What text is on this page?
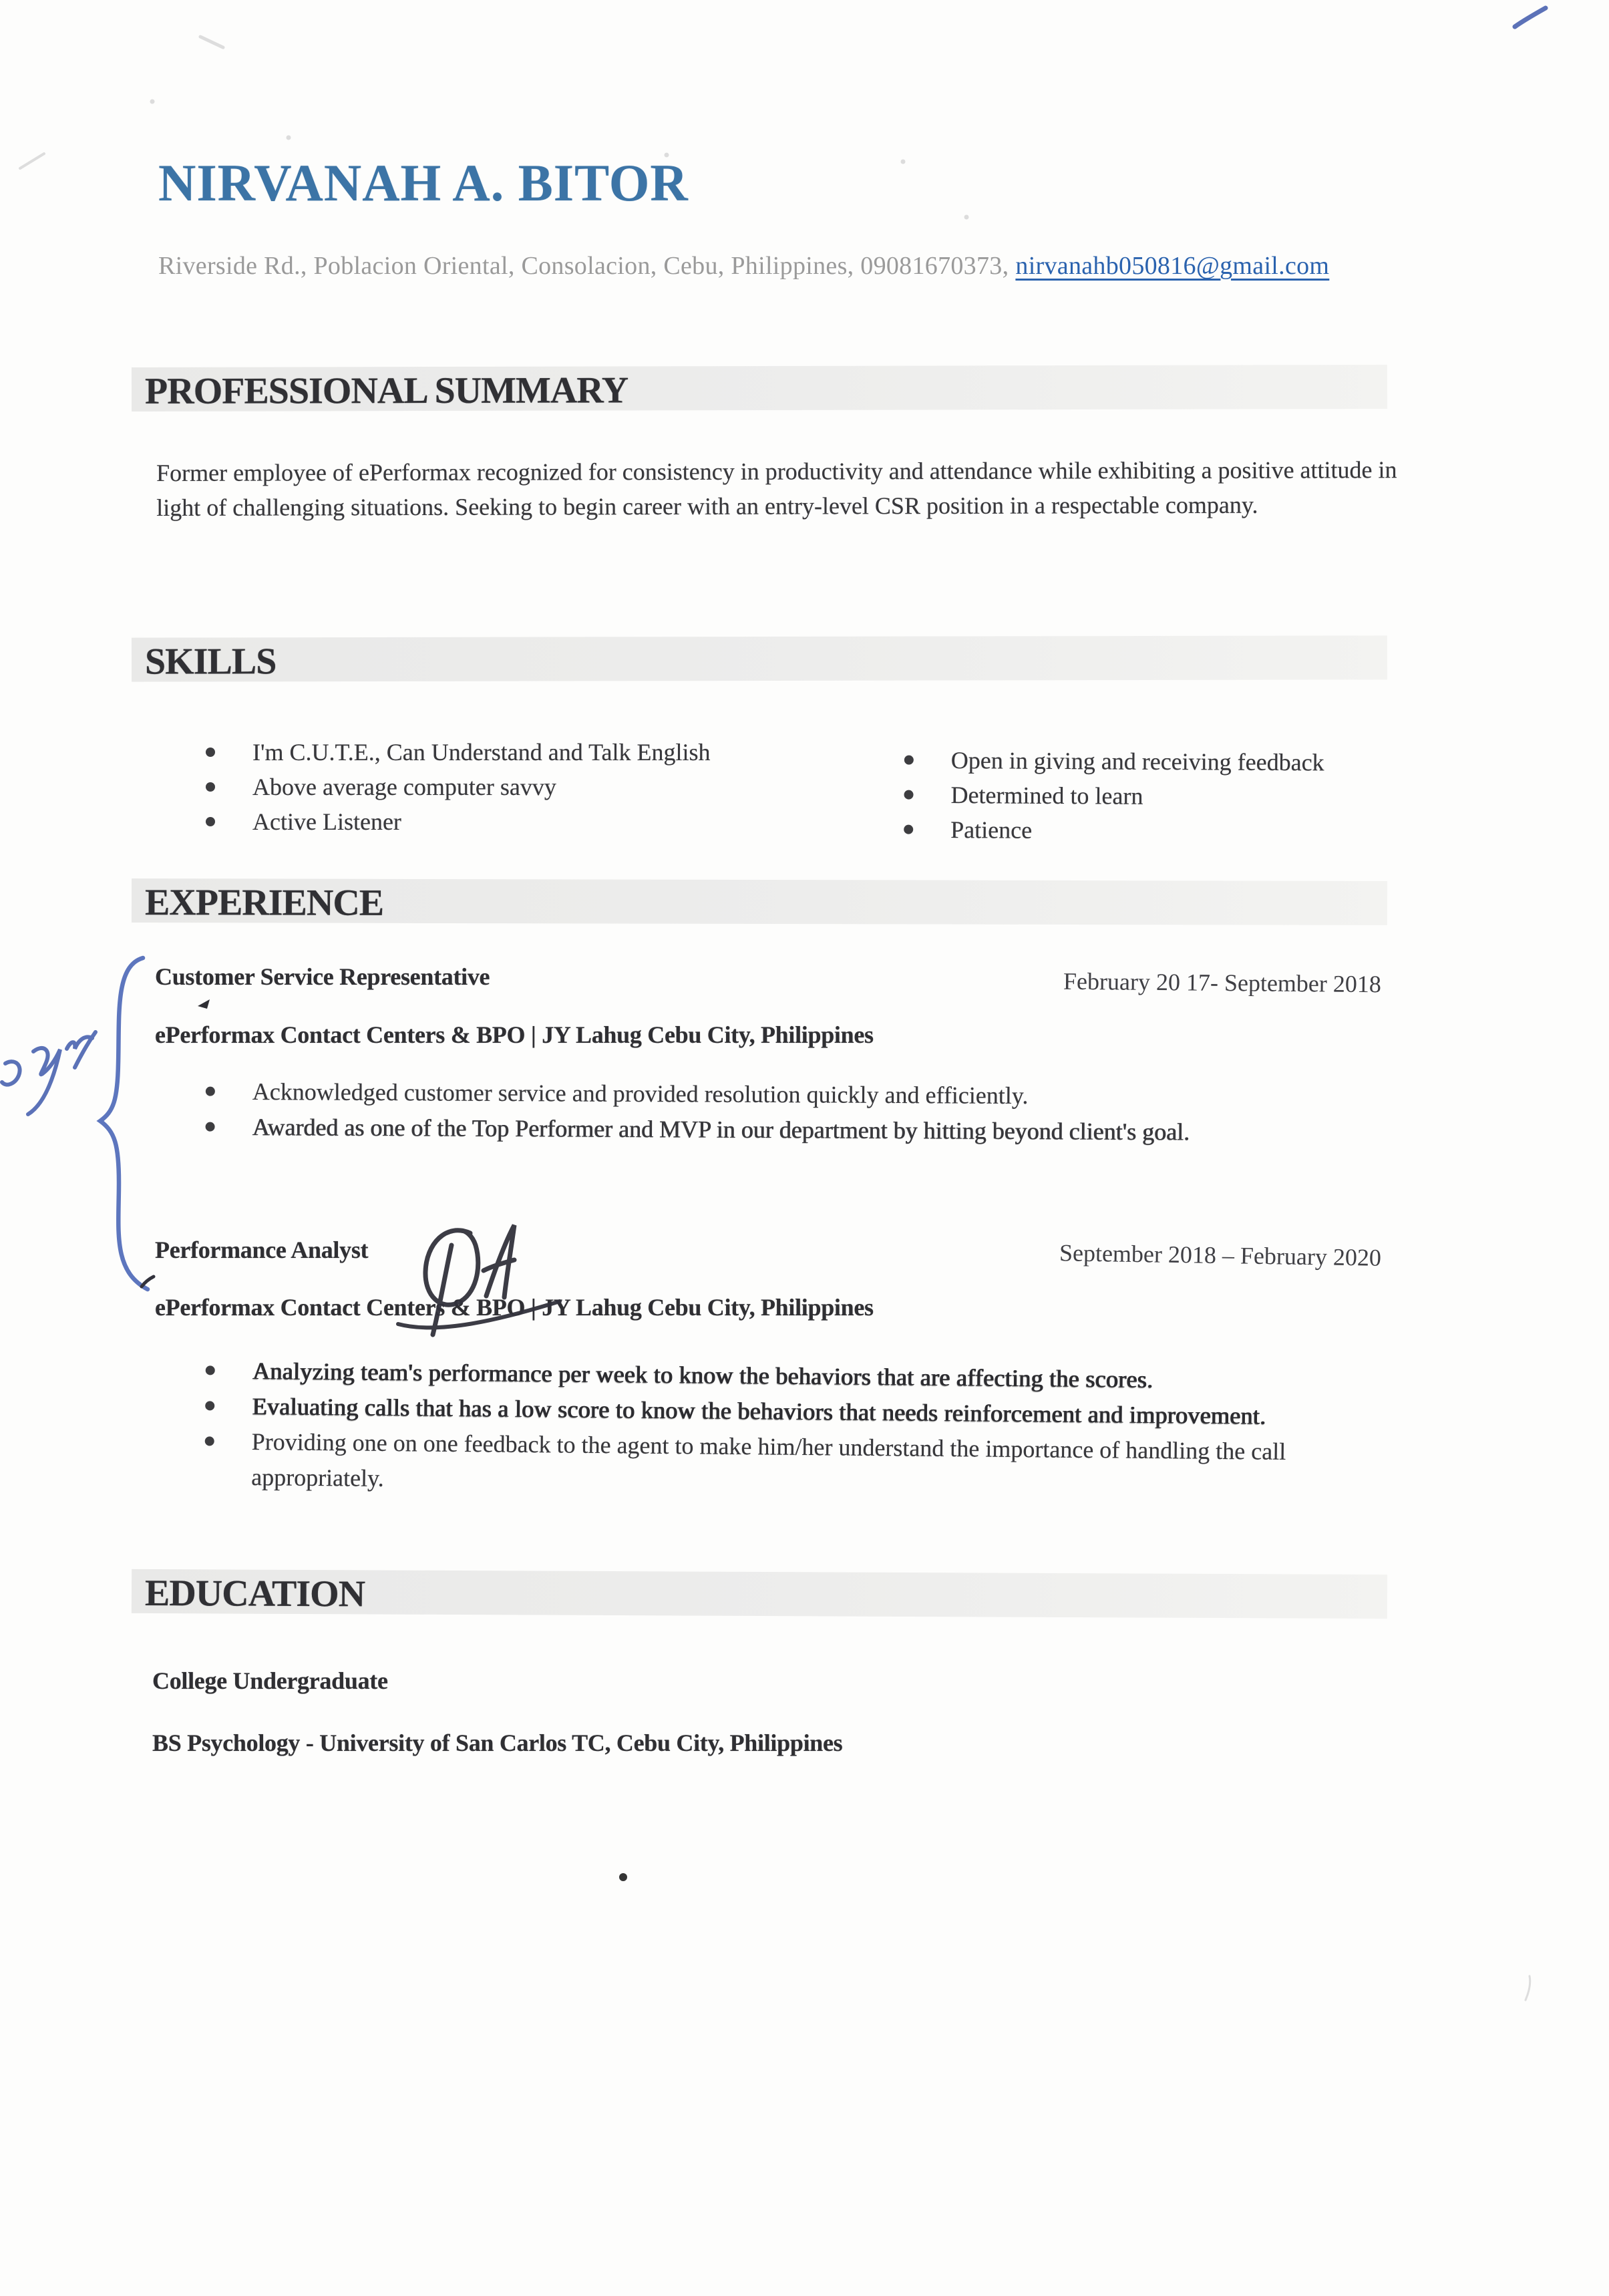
NIRVANAH A. BITOR

Riverside Rd., Poblacion Oriental, Consolacion, Cebu, Philippines, 09081670373, nirvanahb050816@gmail.com

PROFESSIONAL SUMMARY

Former employee of ePerformax recognized for consistency in productivity and attendance while exhibiting a positive attitude in light of challenging situations. Seeking to begin career with an entry-level CSR position in a respectable company.

SKILLS
I'm C.U.T.E., Can Understand and Talk English
Above average computer savvy
Active Listener
Open in giving and receiving feedback
Determined to learn
Patience
EXPERIENCE
Customer Service Representative	February 20 17- September 2018

ePerformax Contact Centers & BPO | JY Lahug Cebu City, Philippines
Acknowledged customer service and provided resolution quickly and efficiently.
Awarded as one of the Top Performer and MVP in our department by hitting beyond client's goal.
Performance Analyst	September 2018 – February 2020

ePerformax Contact Centers & BPO | JY Lahug Cebu City, Philippines
Analyzing team's performance per week to know the behaviors that are affecting the scores.
Evaluating calls that has a low score to know the behaviors that needs reinforcement and improvement.
Providing one on one feedback to the agent to make him/her understand the importance of handling the call appropriately.
EDUCATION

College Undergraduate

BS Psychology - University of San Carlos TC, Cebu City, Philippines
